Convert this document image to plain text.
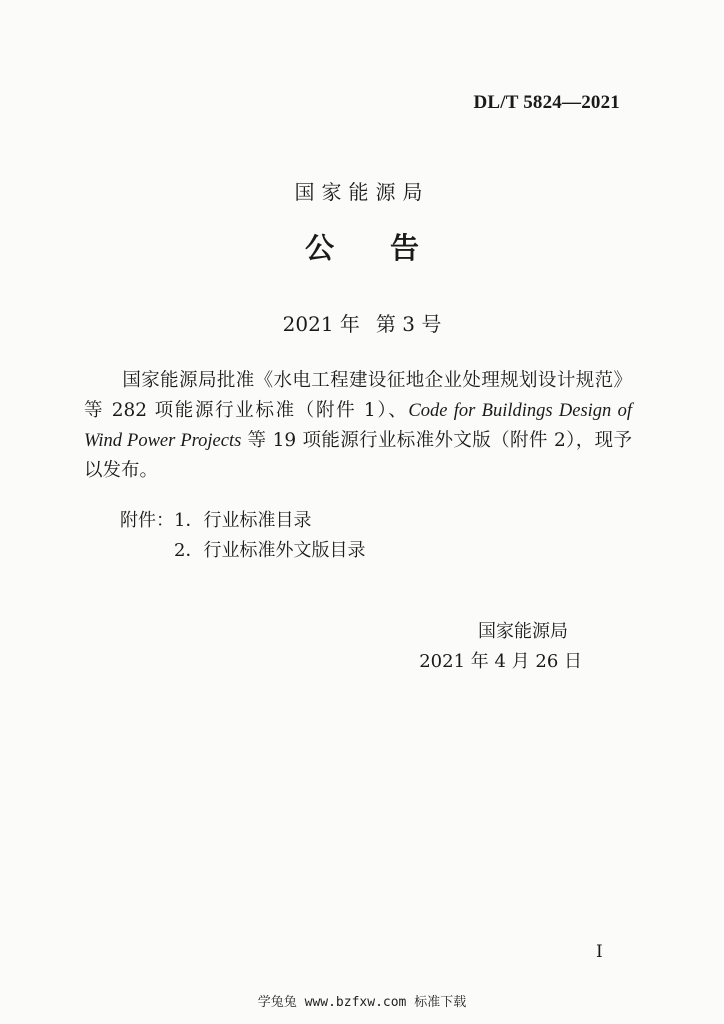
DL/T 5824—2021
国家能源局
公 告
2021 年 第 3 号
国家能源局批准《水电工程建设征地企业处理规划设计规范》等 282 项能源行业标准（附件 1）、Code for Buildings Design of Wind Power Projects 等 19 项能源行业标准外文版（附件 2），现予以发布。
附件：1．行业标准目录
2．行业标准外文版目录
国家能源局
2021 年 4 月 26 日
I
学兔兔 www.bzfxw.com 标准下载
